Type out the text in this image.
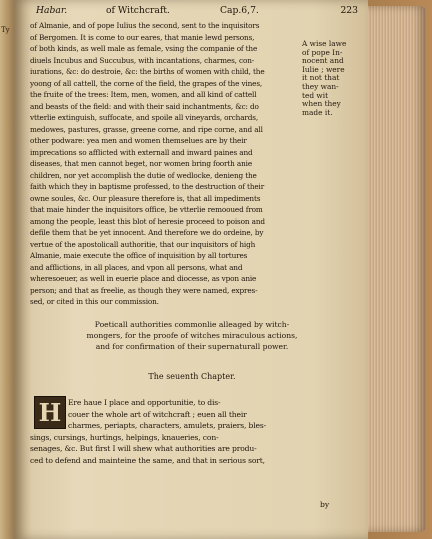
Ty
Habar.	of Witchcraft.	Cap.6,7.	223
of Almanie, and of pope Iulius the second, sent to the inquisitors
of Bergomen. It is come to our eares, that manie lewd persons,
of both kinds, as well male as female, vsing the companie of the
diuels Incubus and Succubus, with incantations, charmes, con-
iurations, &c: do destroie, &c: the births of women with child, the
yoong of all cattell, the corne of the field, the grapes of the vines,
the fruite of the trees: Item, men, women, and all kind of cattell
and beasts of the field: and with their said inchantments, &c: do
vtterlie extinguish, suffocate, and spoile all vineyards, orchards,
medowes, pastures, grasse, greene corne, and ripe corne, and all
other podware: yea men and women themselues are by their
imprecations so afflicted with externall and inward paines and
diseases, that men cannot beget, nor women bring foorth anie
children, nor yet accomplish the dutie of wedlocke, denieng the
faith which they in baptisme professed, to the destruction of their
owne soules, &c. Our pleasure therefore is, that all impediments
that maie hinder the inquisitors office, be vtterlie remooued from
among the people, least this blot of heresie proceed to poison and
defile them that be yet innocent. And therefore we do ordeine, by
vertue of the apostolicall authoritie, that our inquisitors of high
Almanie, maie execute the office of inquisition by all tortures
and afflictions, in all places, and vpon all persons, what and
wheresoeuer, as well in euerie place and diocesse, as vpon anie
person; and that as freelie, as though they were named, expres-
sed, or cited in this our commission.
A wise lawe
of pope In-
nocent and
Iulie ; were
it not that
they wan-
ted wit
when they
made it.
Poeticall authorities commonlie alleaged by witch-
mongers, for the proofe of witches miraculous actions,
and for confirmation of their supernaturall power.
The seuenth Chapter.
H Ere haue I place and opportunitie, to dis-
couer the whole art of witchcraft ; euen all their
charmes, periapts, characters, amulets, praiers, bles-
sings, cursings, hurtings, helpings, knaueries, con-
senages, &c. But first I will shew what authorities are produ-
ced to defend and mainteine the same, and that in serious sort,
by
